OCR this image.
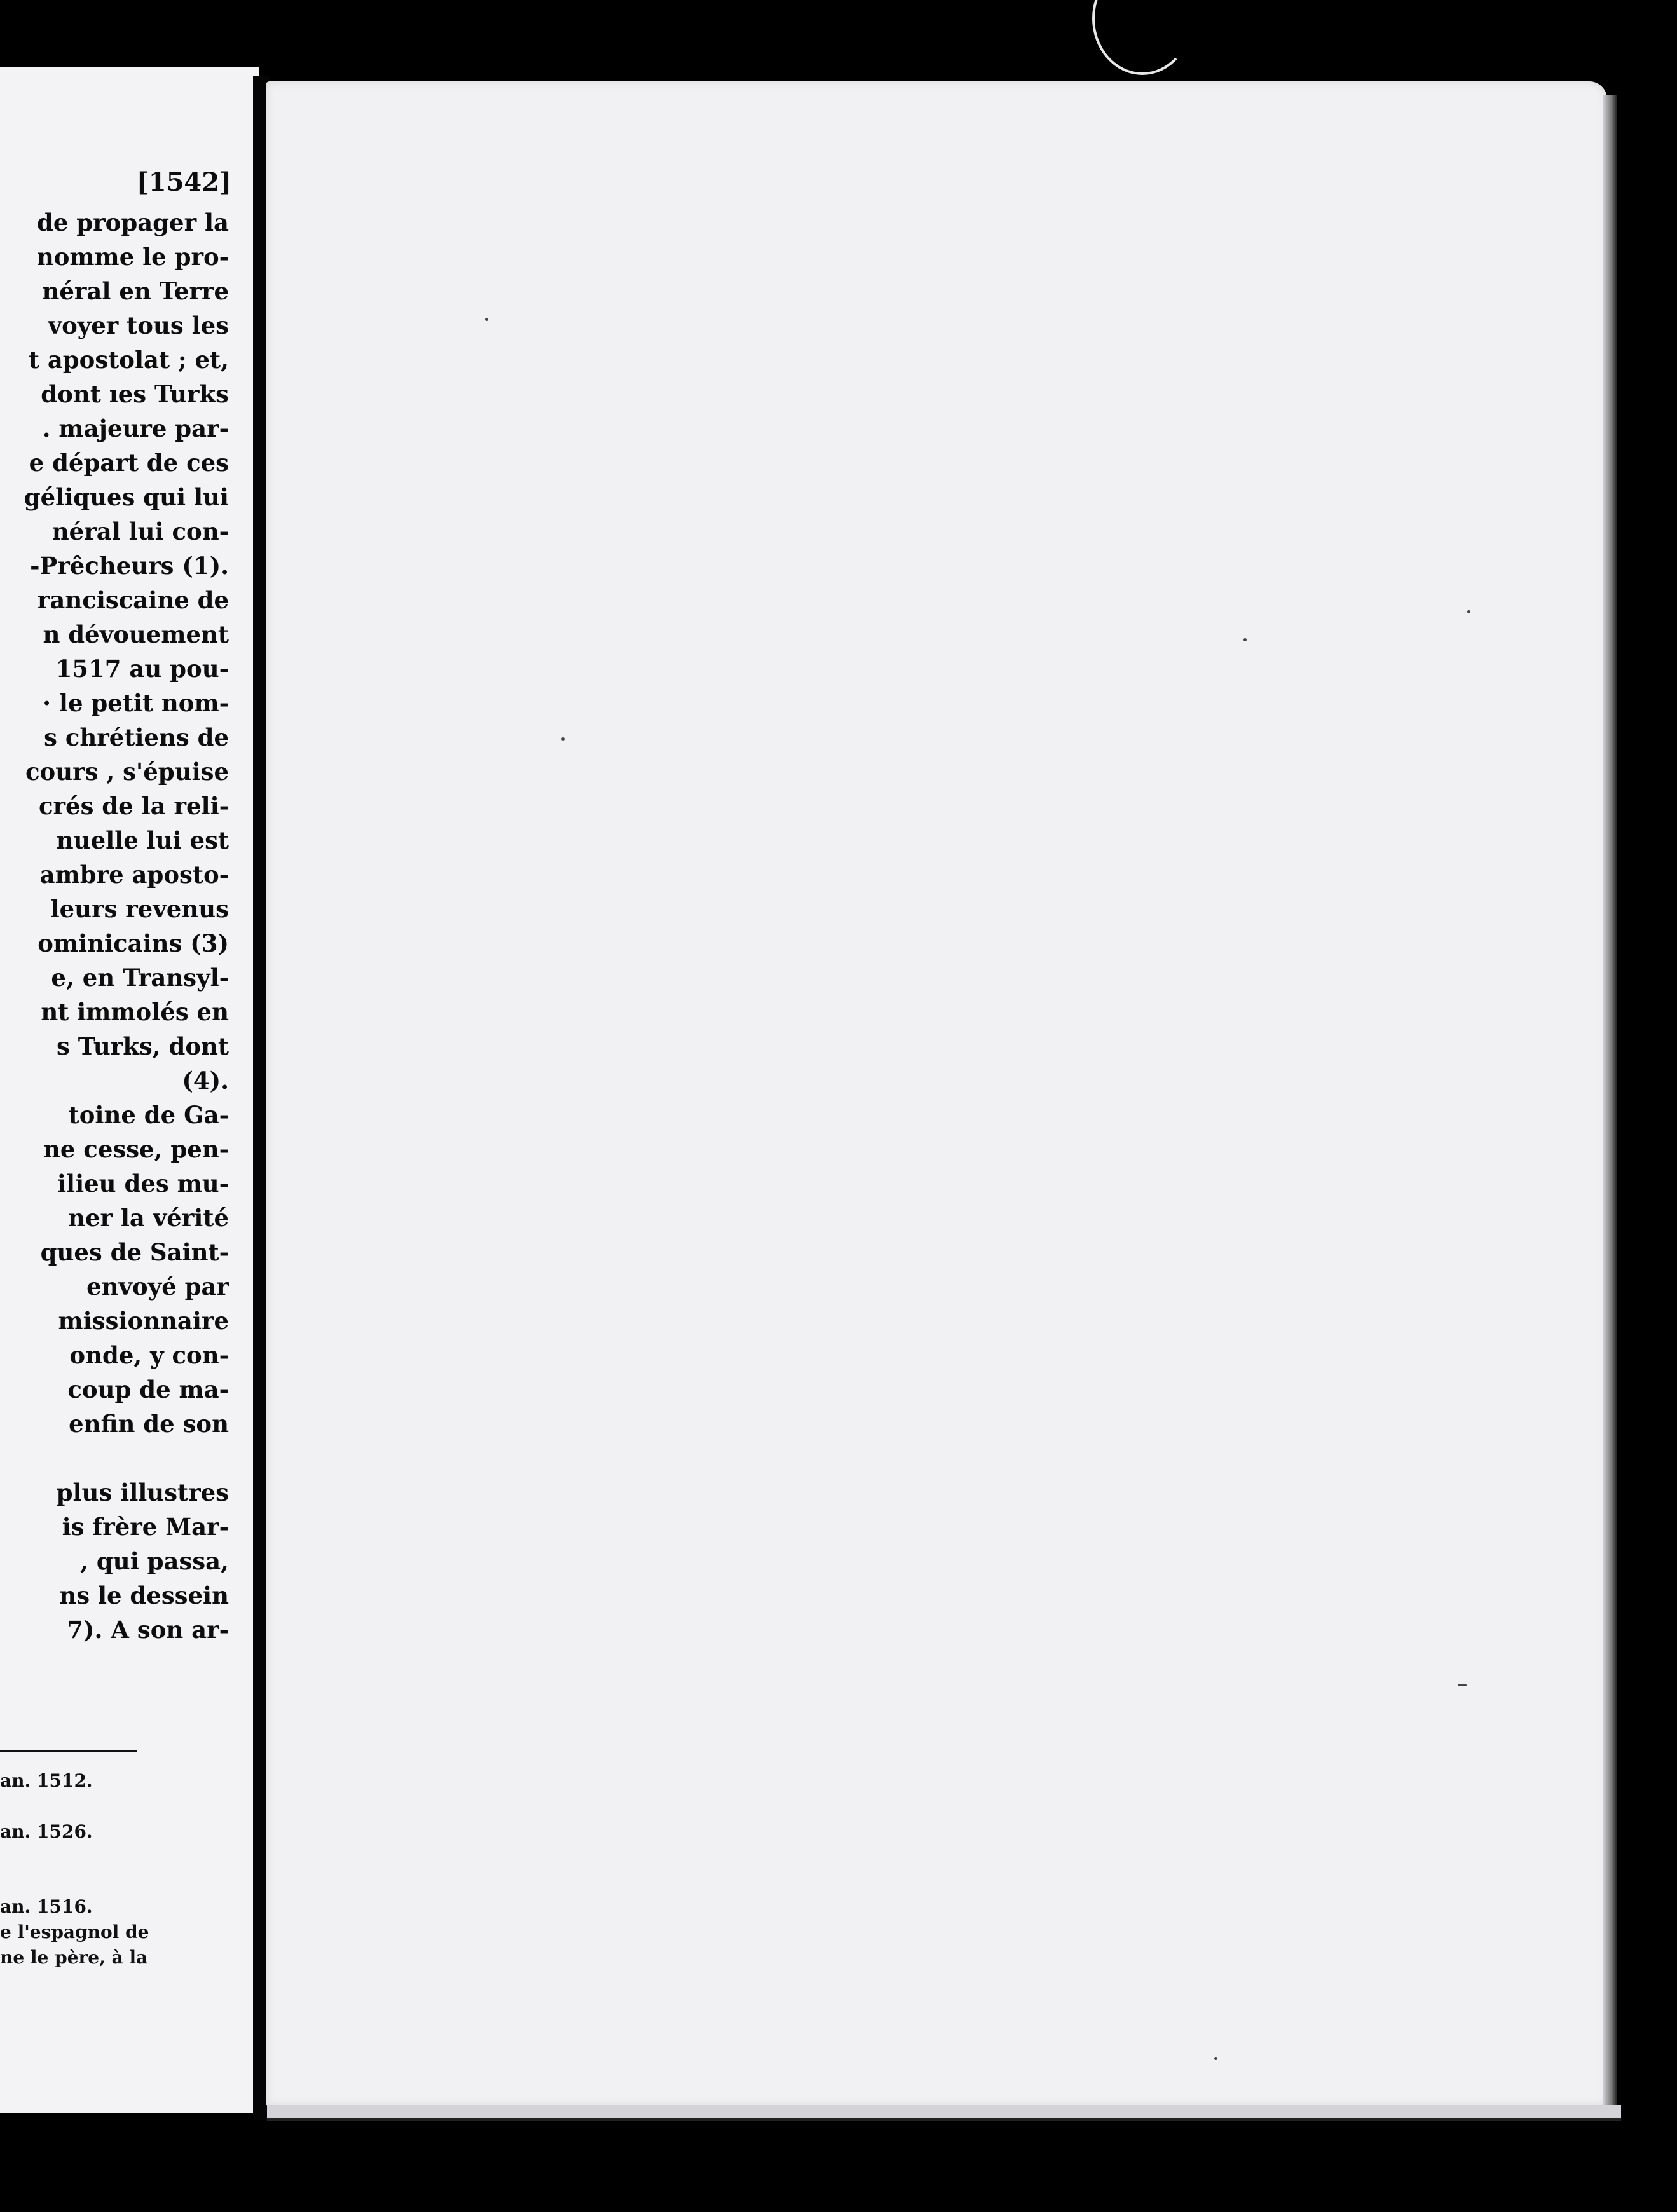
[1542]

de propager la
nomme le pro-
néral en Terre
voyer tous les
t apostolat ; et,
dont ıes Turks
. majeure par-
e départ de ces
géliques qui lui
néral lui con-
-Prêcheurs (1).
ranciscaine de
n dévouement
1517 au pou-
· le petit nom-
s chrétiens de
cours , s'épuise
crés de la reli-
nuelle lui est
ambre aposto-
leurs revenus
ominicains (3)
e, en Transyl-
nt immolés en
s Turks, dont
(4).
toine de Ga-
ne cesse, pen-
ilieu des mu-
ner la vérité
ques de Saint-
envoyé par
missionnaire
onde, y con-
coup de ma-
enfin de son
plus illustres
is frère Mar-
, qui passa,
ns le dessein
7). A son ar-
an. 1512.
an. 1526.
an. 1516.
e l'espagnol de
ne le père, à la
